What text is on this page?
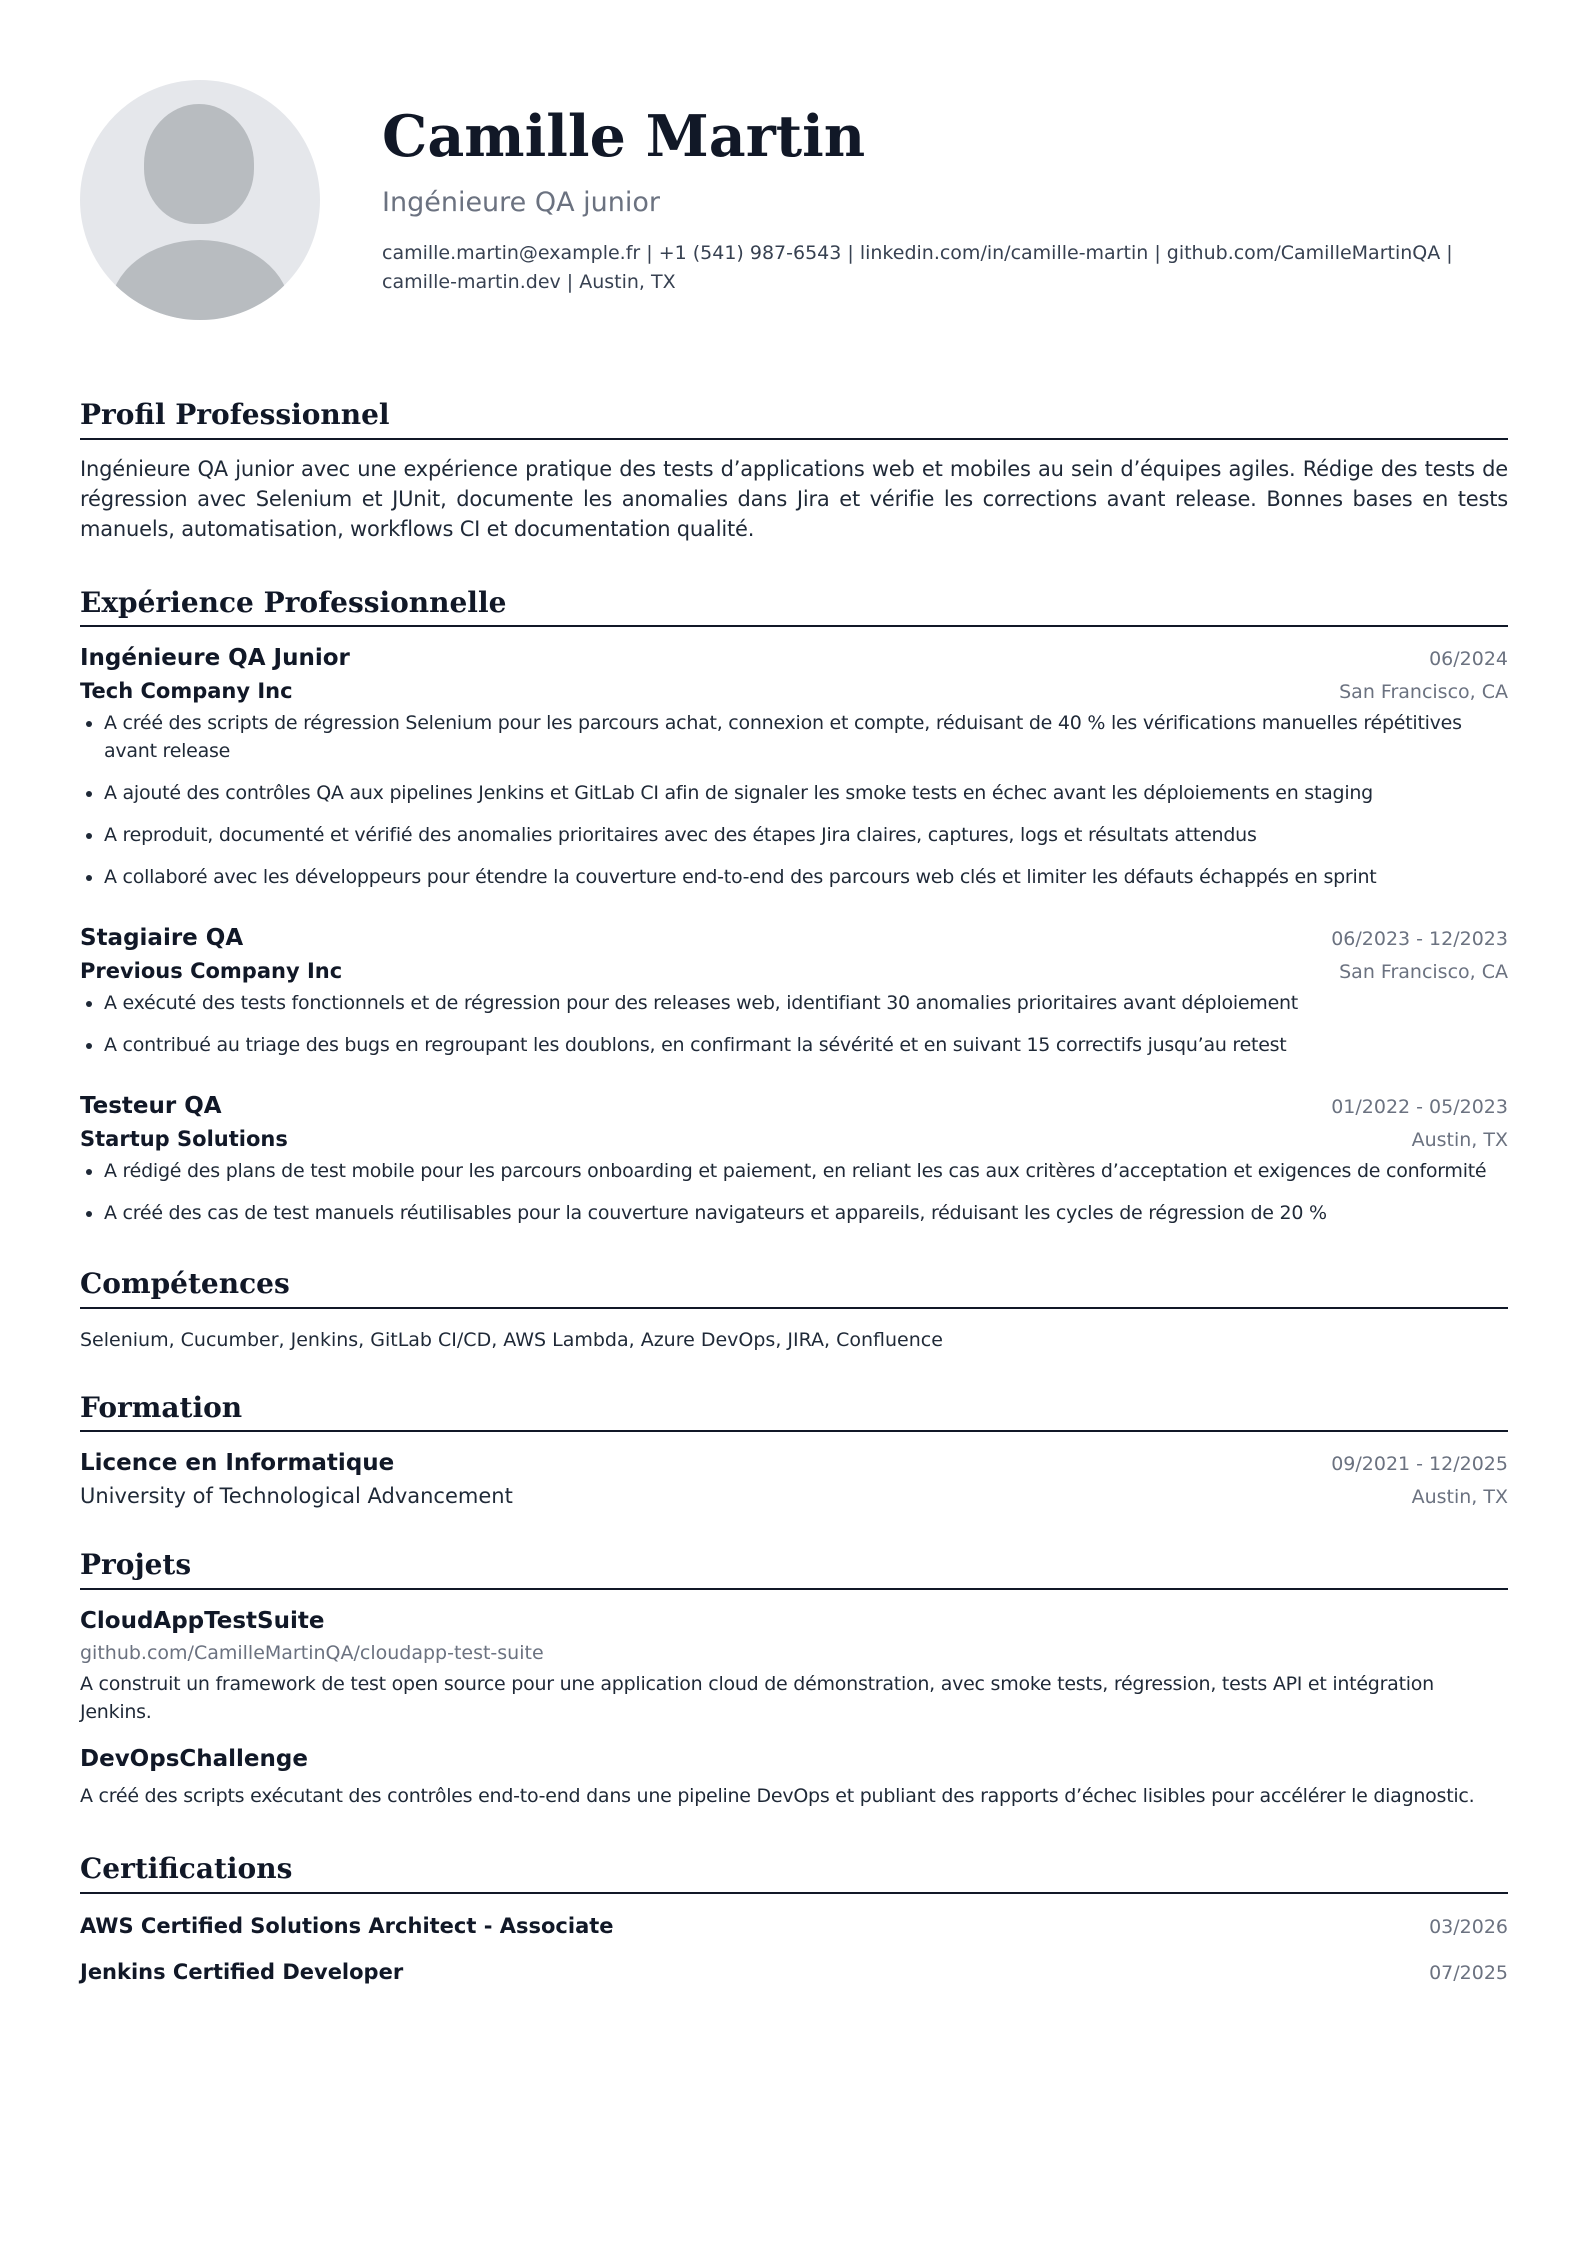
Camille Martin
Ingénieure QA junior
camille.martin@example.fr | +1 (541) 987-6543 | linkedin.com/in/camille-martin | github.com/CamilleMartinQA | camille-martin.dev | Austin, TX
Profil Professionnel
Ingénieure QA junior avec une expérience pratique des tests d’applications web et mobiles au sein d’équipes agiles. Rédige des tests de régression avec Selenium et JUnit, documente les anomalies dans Jira et vérifie les corrections avant release. Bonnes bases en tests manuels, automatisation, workflows CI et documentation qualité.
Expérience Professionnelle
Ingénieure QA Junior	06/2024
Tech Company Inc	San Francisco, CA
• A créé des scripts de régression Selenium pour les parcours achat, connexion et compte, réduisant de 40 % les vérifications manuelles répétitives avant release
• A ajouté des contrôles QA aux pipelines Jenkins et GitLab CI afin de signaler les smoke tests en échec avant les déploiements en staging
• A reproduit, documenté et vérifié des anomalies prioritaires avec des étapes Jira claires, captures, logs et résultats attendus
• A collaboré avec les développeurs pour étendre la couverture end-to-end des parcours web clés et limiter les défauts échappés en sprint
Stagiaire QA	06/2023 - 12/2023
Previous Company Inc	San Francisco, CA
• A exécuté des tests fonctionnels et de régression pour des releases web, identifiant 30 anomalies prioritaires avant déploiement
• A contribué au triage des bugs en regroupant les doublons, en confirmant la sévérité et en suivant 15 correctifs jusqu’au retest
Testeur QA	01/2022 - 05/2023
Startup Solutions	Austin, TX
• A rédigé des plans de test mobile pour les parcours onboarding et paiement, en reliant les cas aux critères d’acceptation et exigences de conformité
• A créé des cas de test manuels réutilisables pour la couverture navigateurs et appareils, réduisant les cycles de régression de 20 %
Compétences
Selenium, Cucumber, Jenkins, GitLab CI/CD, AWS Lambda, Azure DevOps, JIRA, Confluence
Formation
Licence en Informatique	09/2021 - 12/2025
University of Technological Advancement	Austin, TX
Projets
CloudAppTestSuite
github.com/CamilleMartinQA/cloudapp-test-suite
A construit un framework de test open source pour une application cloud de démonstration, avec smoke tests, régression, tests API et intégration Jenkins.
DevOpsChallenge
A créé des scripts exécutant des contrôles end-to-end dans une pipeline DevOps et publiant des rapports d’échec lisibles pour accélérer le diagnostic.
Certifications
AWS Certified Solutions Architect - Associate	03/2026
Jenkins Certified Developer	07/2025
